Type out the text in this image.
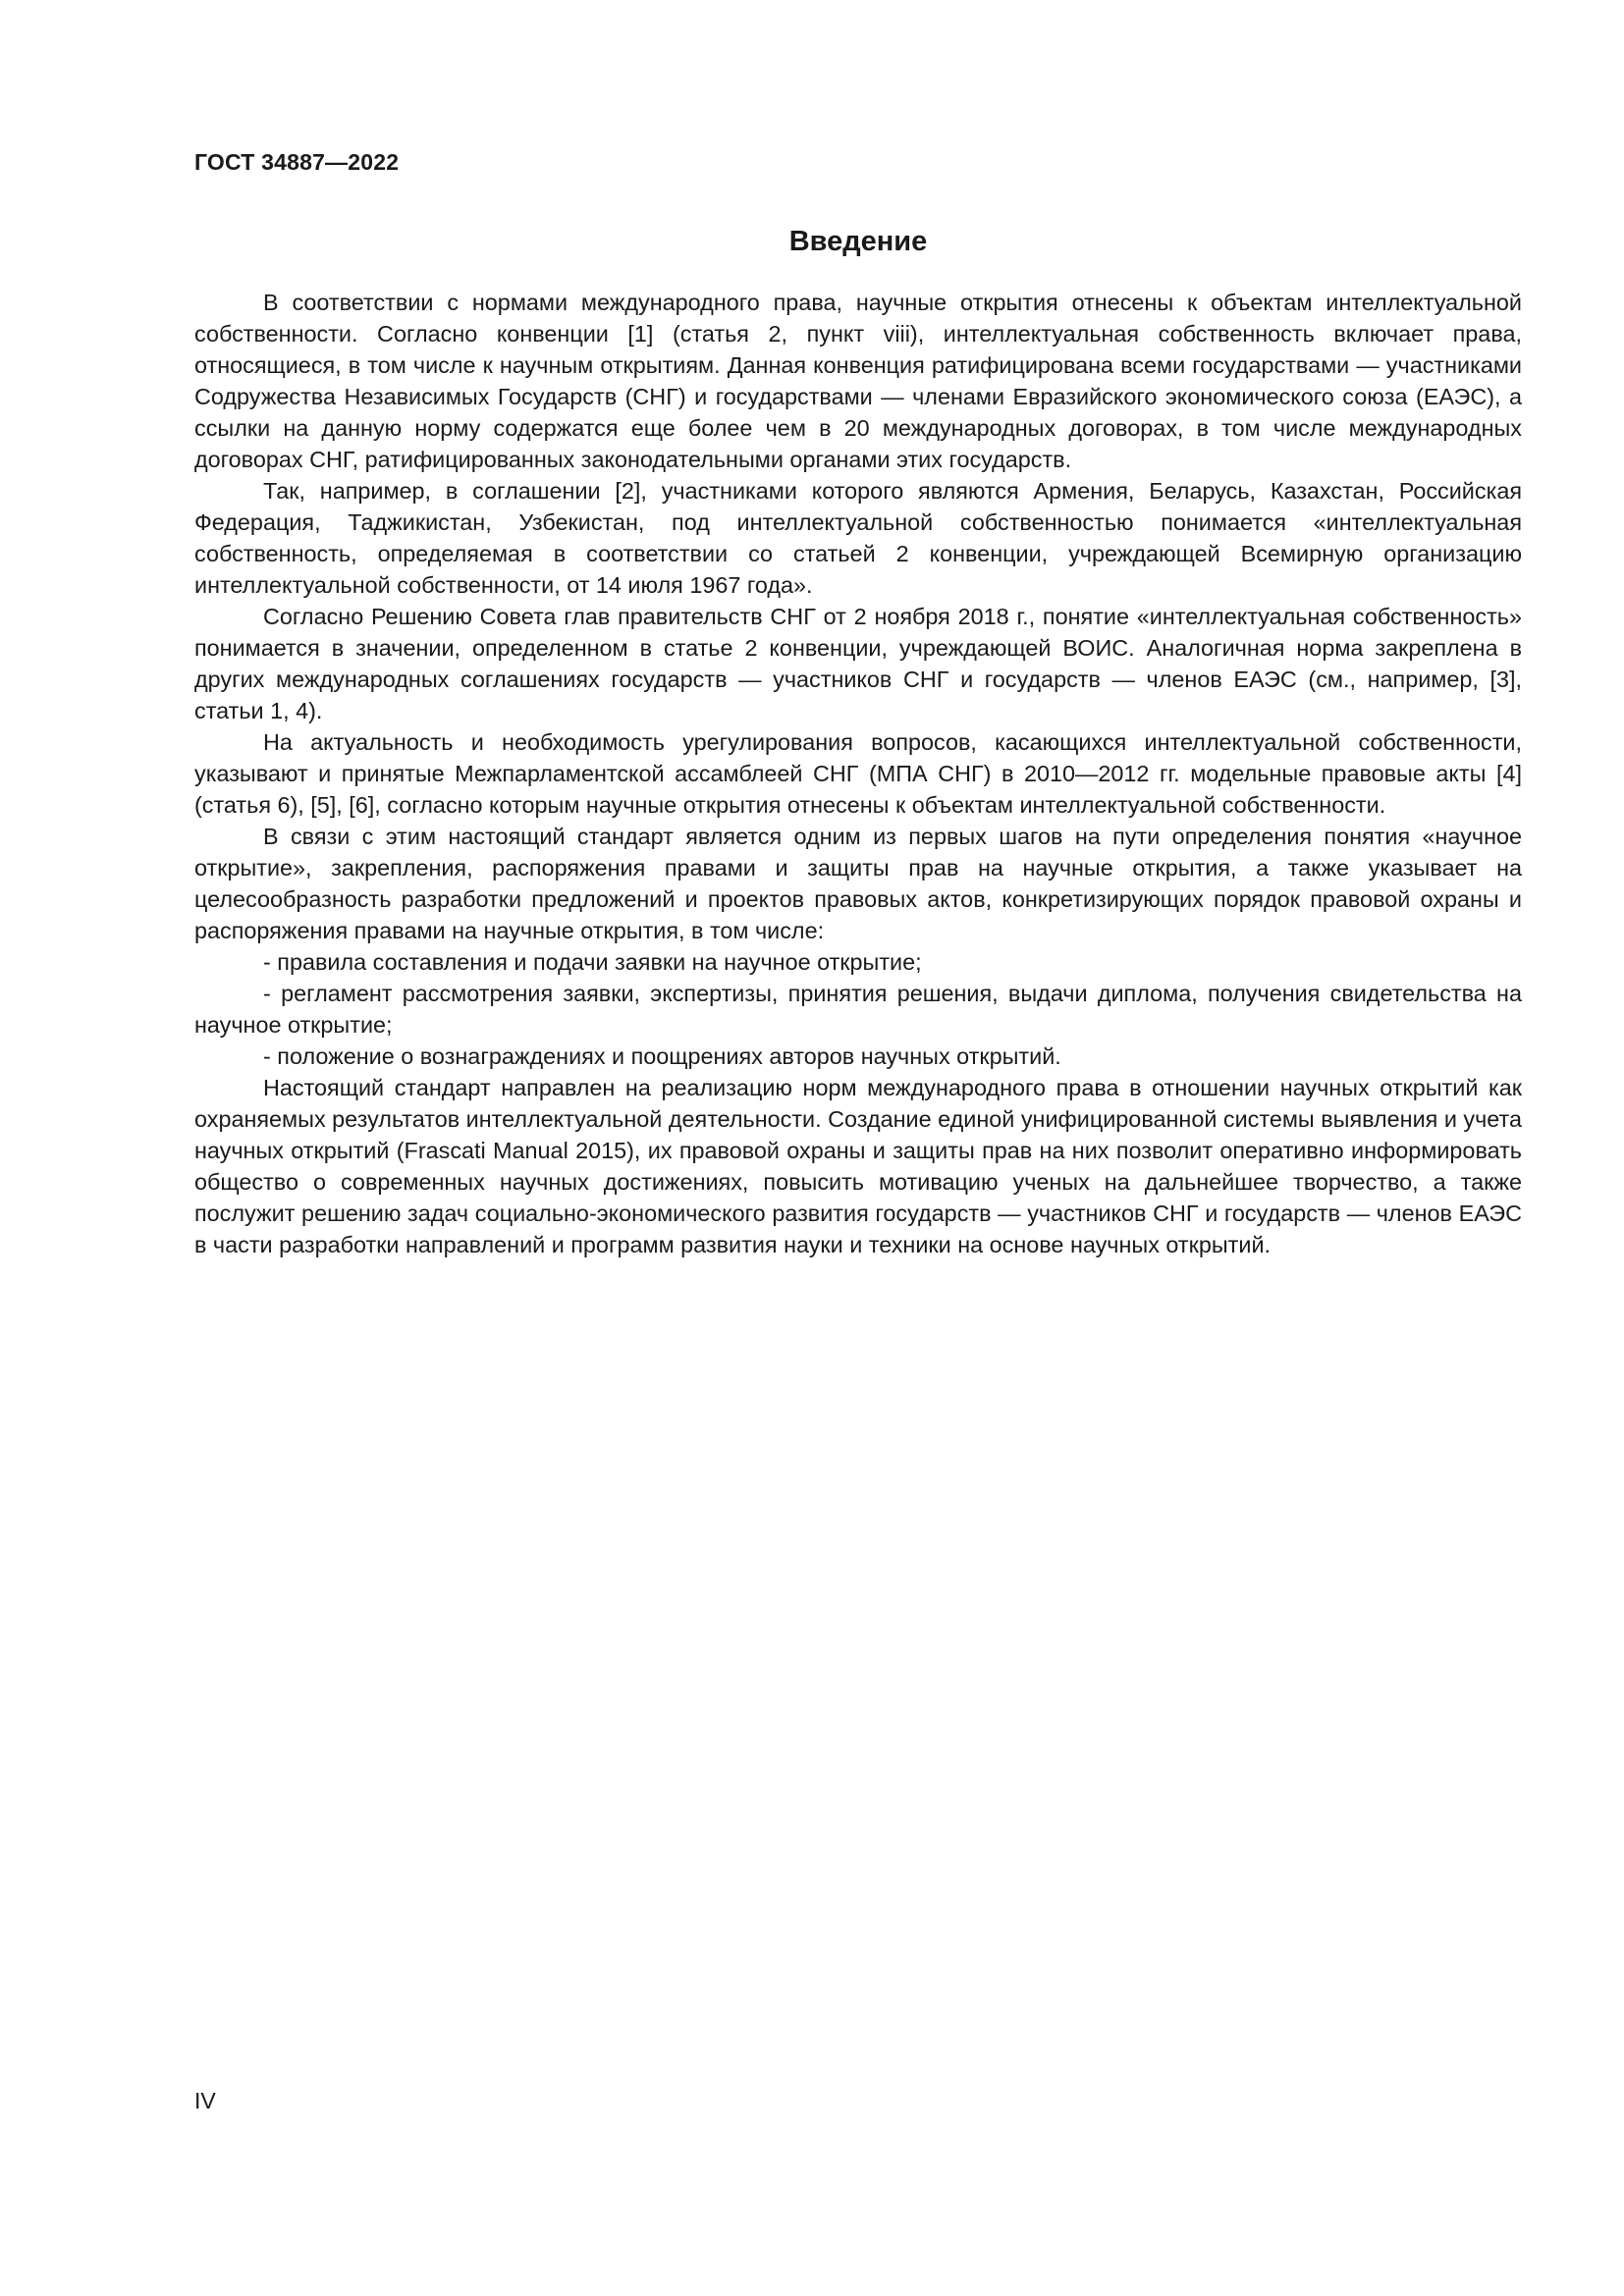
ГОСТ 34887—2022
Введение

В соответствии с нормами международного права, научные открытия отнесены к объектам интеллектуальной собственности. Согласно конвенции [1] (статья 2, пункт viii), интеллектуальная собственность включает права, относящиеся, в том числе к научным открытиям. Данная конвенция ратифицирована всеми государствами — участниками Содружества Независимых Государств (СНГ) и государствами — членами Евразийского экономического союза (ЕАЭС), а ссылки на данную норму содержатся еще более чем в 20 международных договорах, в том числе международных договорах СНГ, ратифицированных законодательными органами этих государств.

Так, например, в соглашении [2], участниками которого являются Армения, Беларусь, Казахстан, Российская Федерация, Таджикистан, Узбекистан, под интеллектуальной собственностью понимается «интеллектуальная собственность, определяемая в соответствии со статьей 2 конвенции, учреждающей Всемирную организацию интеллектуальной собственности, от 14 июля 1967 года».

Согласно Решению Совета глав правительств СНГ от 2 ноября 2018 г., понятие «интеллектуальная собственность» понимается в значении, определенном в статье 2 конвенции, учреждающей ВОИС. Аналогичная норма закреплена в других международных соглашениях государств — участников СНГ и государств — членов ЕАЭС (см., например, [3], статьи 1, 4).

На актуальность и необходимость урегулирования вопросов, касающихся интеллектуальной собственности, указывают и принятые Межпарламентской ассамблеей СНГ (МПА СНГ) в 2010—2012 гг. модельные правовые акты [4] (статья 6), [5], [6], согласно которым научные открытия отнесены к объектам интеллектуальной собственности.

В связи с этим настоящий стандарт является одним из первых шагов на пути определения понятия «научное открытие», закрепления, распоряжения правами и защиты прав на научные открытия, а также указывает на целесообразность разработки предложений и проектов правовых актов, конкретизирующих порядок правовой охраны и распоряжения правами на научные открытия, в том числе:

- правила составления и подачи заявки на научное открытие;

- регламент рассмотрения заявки, экспертизы, принятия решения, выдачи диплома, получения свидетельства на научное открытие;

- положение о вознаграждениях и поощрениях авторов научных открытий.

Настоящий стандарт направлен на реализацию норм международного права в отношении научных открытий как охраняемых результатов интеллектуальной деятельности. Создание единой унифицированной системы выявления и учета научных открытий (Frascati Manual 2015), их правовой охраны и защиты прав на них позволит оперативно информировать общество о современных научных достижениях, повысить мотивацию ученых на дальнейшее творчество, а также послужит решению задач социально-экономического развития государств — участников СНГ и государств — членов ЕАЭС в части разработки направлений и программ развития науки и техники на основе научных открытий.

IV
